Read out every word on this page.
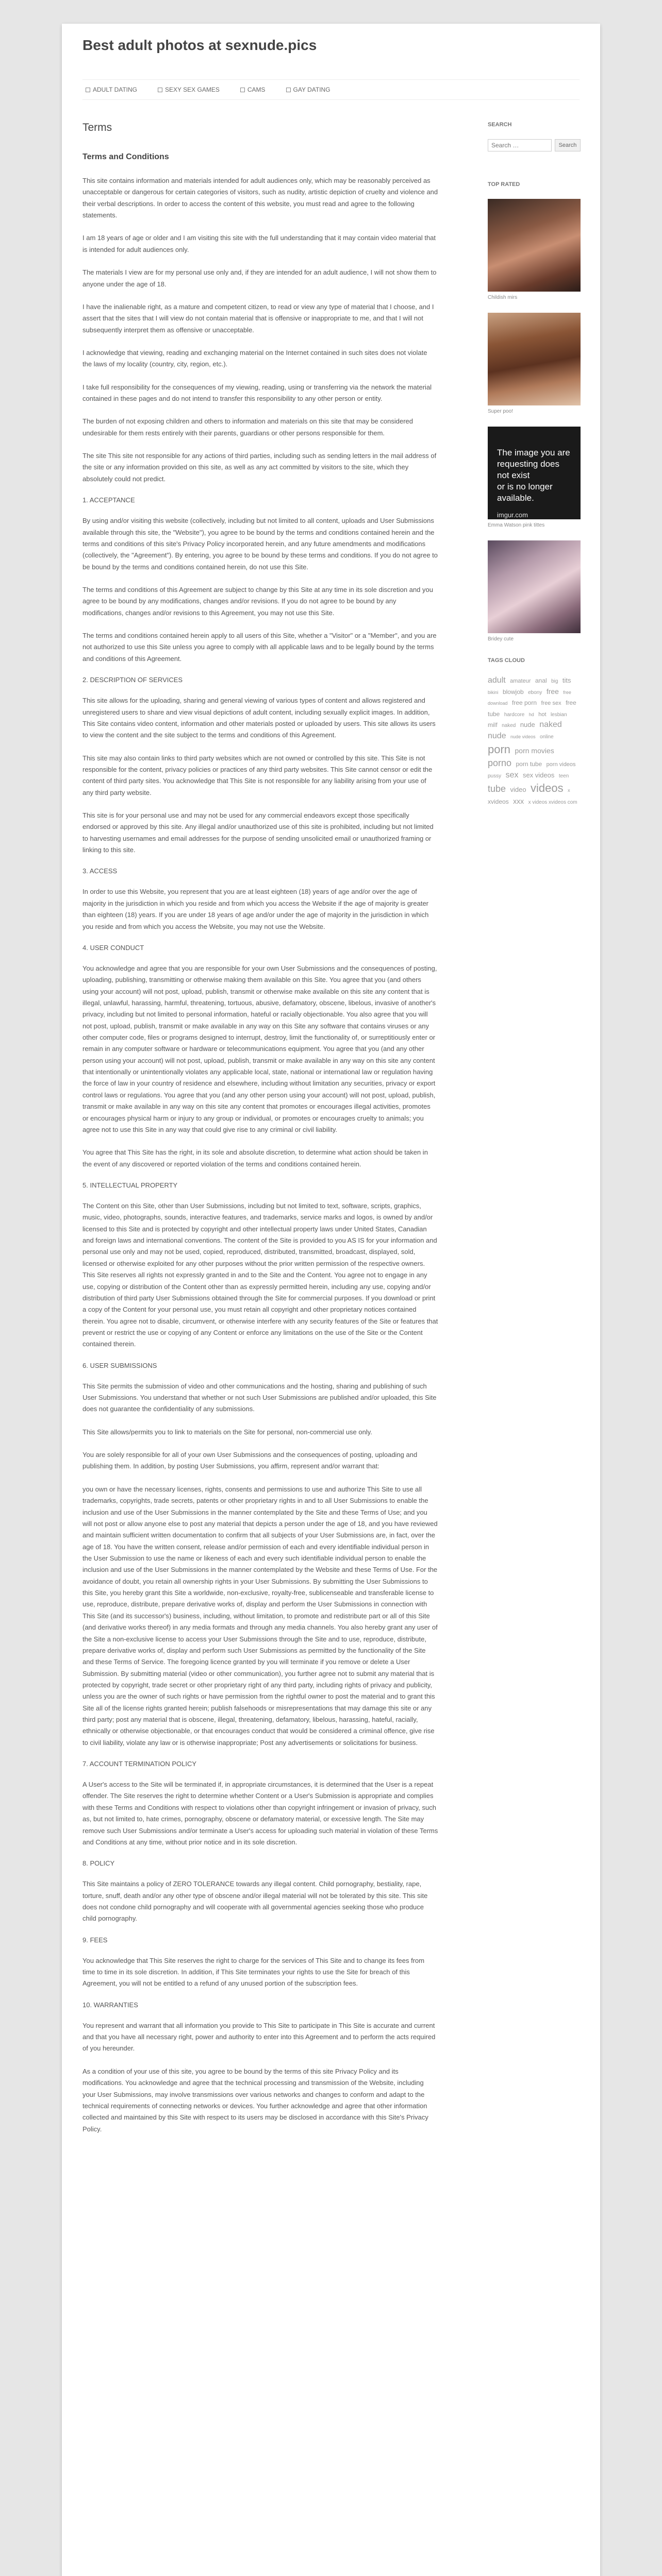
Best adult photos at sexnude.pics
ADULT DATING	SEXY SEX GAMES	CAMS	GAY DATING
Terms
Terms and Conditions

This site contains information and materials intended for adult audiences only, which may be reasonably perceived as unacceptable or dangerous for certain categories of visitors, such as nudity, artistic depiction of cruelty and violence and their verbal descriptions. In order to access the content of this website, you must read and agree to the following statements.

I am 18 years of age or older and I am visiting this site with the full understanding that it may contain video material that is intended for adult audiences only.

The materials I view are for my personal use only and, if they are intended for an adult audience, I will not show them to anyone under the age of 18.

I have the inalienable right, as a mature and competent citizen, to read or view any type of material that I choose, and I assert that the sites that I will view do not contain material that is offensive or inappropriate to me, and that I will not subsequently interpret them as offensive or unacceptable.

I acknowledge that viewing, reading and exchanging material on the Internet contained in such sites does not violate the laws of my locality (country, city, region, etc.).

I take full responsibility for the consequences of my viewing, reading, using or transferring via the network the material contained in these pages and do not intend to transfer this responsibility to any other person or entity.

The burden of not exposing children and others to information and materials on this site that may be considered undesirable for them rests entirely with their parents, guardians or other persons responsible for them.

The site This site not responsible for any actions of third parties, including such as sending letters in the mail address of the site or any information provided on this site, as well as any act committed by visitors to the site, which they absolutely could not predict.

1. ACCEPTANCE

By using and/or visiting this website (collectively, including but not limited to all content, uploads and User Submissions available through this site, the "Website"), you agree to be bound by the terms and conditions contained herein and the terms and conditions of this site's Privacy Policy incorporated herein, and any future amendments and modifications (collectively, the "Agreement"). By entering, you agree to be bound by these terms and conditions. If you do not agree to be bound by the terms and conditions contained herein, do not use this Site.

The terms and conditions of this Agreement are subject to change by this Site at any time in its sole discretion and you agree to be bound by any modifications, changes and/or revisions. If you do not agree to be bound by any modifications, changes and/or revisions to this Agreement, you may not use this Site.

The terms and conditions contained herein apply to all users of this Site, whether a "Visitor" or a "Member", and you are not authorized to use this Site unless you agree to comply with all applicable laws and to be legally bound by the terms and conditions of this Agreement.

2. DESCRIPTION OF SERVICES

This site allows for the uploading, sharing and general viewing of various types of content and allows registered and unregistered users to share and view visual depictions of adult content, including sexually explicit images. In addition, This Site contains video content, information and other materials posted or uploaded by users. This site allows its users to view the content and the site subject to the terms and conditions of this Agreement.

This site may also contain links to third party websites which are not owned or controlled by this site. This Site is not responsible for the content, privacy policies or practices of any third party websites. This Site cannot censor or edit the content of third party sites. You acknowledge that This Site is not responsible for any liability arising from your use of any third party website.

This site is for your personal use and may not be used for any commercial endeavors except those specifically endorsed or approved by this site. Any illegal and/or unauthorized use of this site is prohibited, including but not limited to harvesting usernames and email addresses for the purpose of sending unsolicited email or unauthorized framing or linking to this site.

3. ACCESS

In order to use this Website, you represent that you are at least eighteen (18) years of age and/or over the age of majority in the jurisdiction in which you reside and from which you access the Website if the age of majority is greater than eighteen (18) years. If you are under 18 years of age and/or under the age of majority in the jurisdiction in which you reside and from which you access the Website, you may not use the Website.

4. USER CONDUCT

You acknowledge and agree that you are responsible for your own User Submissions and the consequences of posting, uploading, publishing, transmitting or otherwise making them available on this Site. You agree that you (and others using your account) will not post, upload, publish, transmit or otherwise make available on this site any content that is illegal, unlawful, harassing, harmful, threatening, tortuous, abusive, defamatory, obscene, libelous, invasive of another's privacy, including but not limited to personal information, hateful or racially objectionable. You also agree that you will not post, upload, publish, transmit or make available in any way on this Site any software that contains viruses or any other computer code, files or programs designed to interrupt, destroy, limit the functionality of, or surreptitiously enter or remain in any computer software or hardware or telecommunications equipment. You agree that you (and any other person using your account) will not post, upload, publish, transmit or make available in any way on this site any content that intentionally or unintentionally violates any applicable local, state, national or international law or regulation having the force of law in your country of residence and elsewhere, including without limitation any securities, privacy or export control laws or regulations. You agree that you (and any other person using your account) will not post, upload, publish, transmit or make available in any way on this site any content that promotes or encourages illegal activities, promotes or encourages physical harm or injury to any group or individual, or promotes or encourages cruelty to animals; you agree not to use this Site in any way that could give rise to any criminal or civil liability.

You agree that This Site has the right, in its sole and absolute discretion, to determine what action should be taken in the event of any discovered or reported violation of the terms and conditions contained herein.

5. INTELLECTUAL PROPERTY

The Content on this Site, other than User Submissions, including but not limited to text, software, scripts, graphics, music, video, photographs, sounds, interactive features, and trademarks, service marks and logos, is owned by and/or licensed to this Site and is protected by copyright and other intellectual property laws under United States, Canadian and foreign laws and international conventions. The content of the Site is provided to you AS IS for your information and personal use only and may not be used, copied, reproduced, distributed, transmitted, broadcast, displayed, sold, licensed or otherwise exploited for any other purposes without the prior written permission of the respective owners. This Site reserves all rights not expressly granted in and to the Site and the Content. You agree not to engage in any use, copying or distribution of the Content other than as expressly permitted herein, including any use, copying and/or distribution of third party User Submissions obtained through the Site for commercial purposes. If you download or print a copy of the Content for your personal use, you must retain all copyright and other proprietary notices contained therein. You agree not to disable, circumvent, or otherwise interfere with any security features of the Site or features that prevent or restrict the use or copying of any Content or enforce any limitations on the use of the Site or the Content contained therein.

6. USER SUBMISSIONS

This Site permits the submission of video and other communications and the hosting, sharing and publishing of such User Submissions. You understand that whether or not such User Submissions are published and/or uploaded, this Site does not guarantee the confidentiality of any submissions.

This Site allows/permits you to link to materials on the Site for personal, non-commercial use only.

You are solely responsible for all of your own User Submissions and the consequences of posting, uploading and publishing them. In addition, by posting User Submissions, you affirm, represent and/or warrant that:

you own or have the necessary licenses, rights, consents and permissions to use and authorize This Site to use all trademarks, copyrights, trade secrets, patents or other proprietary rights in and to all User Submissions to enable the inclusion and use of the User Submissions in the manner contemplated by the Site and these Terms of Use; and you will not post or allow anyone else to post any material that depicts a person under the age of 18, and you have reviewed and maintain sufficient written documentation to confirm that all subjects of your User Submissions are, in fact, over the age of 18. You have the written consent, release and/or permission of each and every identifiable individual person in the User Submission to use the name or likeness of each and every such identifiable individual person to enable the inclusion and use of the User Submissions in the manner contemplated by the Website and these Terms of Use. For the avoidance of doubt, you retain all ownership rights in your User Submissions. By submitting the User Submissions to this Site, you hereby grant this Site a worldwide, non-exclusive, royalty-free, sublicenseable and transferable license to use, reproduce, distribute, prepare derivative works of, display and perform the User Submissions in connection with This Site (and its successor's) business, including, without limitation, to promote and redistribute part or all of this Site (and derivative works thereof) in any media formats and through any media channels. You also hereby grant any user of the Site a non-exclusive license to access your User Submissions through the Site and to use, reproduce, distribute, prepare derivative works of, display and perform such User Submissions as permitted by the functionality of the Site and these Terms of Service. The foregoing licence granted by you will terminate if you remove or delete a User Submission. By submitting material (video or other communication), you further agree not to submit any material that is protected by copyright, trade secret or other proprietary right of any third party, including rights of privacy and publicity, unless you are the owner of such rights or have permission from the rightful owner to post the material and to grant this Site all of the license rights granted herein; publish falsehoods or misrepresentations that may damage this site or any third party; post any material that is obscene, illegal, threatening, defamatory, libelous, harassing, hateful, racially, ethnically or otherwise objectionable, or that encourages conduct that would be considered a criminal offence, give rise to civil liability, violate any law or is otherwise inappropriate; Post any advertisements or solicitations for business.

7. ACCOUNT TERMINATION POLICY

A User's access to the Site will be terminated if, in appropriate circumstances, it is determined that the User is a repeat offender. The Site reserves the right to determine whether Content or a User's Submission is appropriate and complies with these Terms and Conditions with respect to violations other than copyright infringement or invasion of privacy, such as, but not limited to, hate crimes, pornography, obscene or defamatory material, or excessive length. The Site may remove such User Submissions and/or terminate a User's access for uploading such material in violation of these Terms and Conditions at any time, without prior notice and in its sole discretion.

8. POLICY

This Site maintains a policy of ZERO TOLERANCE towards any illegal content. Child pornography, bestiality, rape, torture, snuff, death and/or any other type of obscene and/or illegal material will not be tolerated by this site. This site does not condone child pornography and will cooperate with all governmental agencies seeking those who produce child pornography.

9. FEES

You acknowledge that This Site reserves the right to charge for the services of This Site and to change its fees from time to time in its sole discretion. In addition, if This Site terminates your rights to use the Site for breach of this Agreement, you will not be entitled to a refund of any unused portion of the subscription fees.

10. WARRANTIES

You represent and warrant that all information you provide to This Site to participate in This Site is accurate and current and that you have all necessary right, power and authority to enter into this Agreement and to perform the acts required of you hereunder.

As a condition of your use of this site, you agree to be bound by the terms of this site Privacy Policy and its modifications. You acknowledge and agree that the technical processing and transmission of the Website, including your User Submissions, may involve transmissions over various networks and changes to conform and adapt to the technical requirements of connecting networks or devices. You further acknowledge and agree that other information collected and maintained by this Site with respect to its users may be disclosed in accordance with this Site's Privacy Policy.

SEARCH
Search …
Search
TOP RATED

Childish mirs

Super poo!

The image you are
requesting does not exist
or is no longer available.
imgur.com

Emma Watson pink tittes

Bridey cute

TAGS CLOUD
adult amateur anal big tits bikini blowjob ebony free free download free porn free sex free tube hardcore hd hot lesbian milf naked nude naked nude nude videos online porn porn movies porno porn tube porn videos pussy sex sex videos teen tube video videos x xvideos xxx x videos xvideos com
